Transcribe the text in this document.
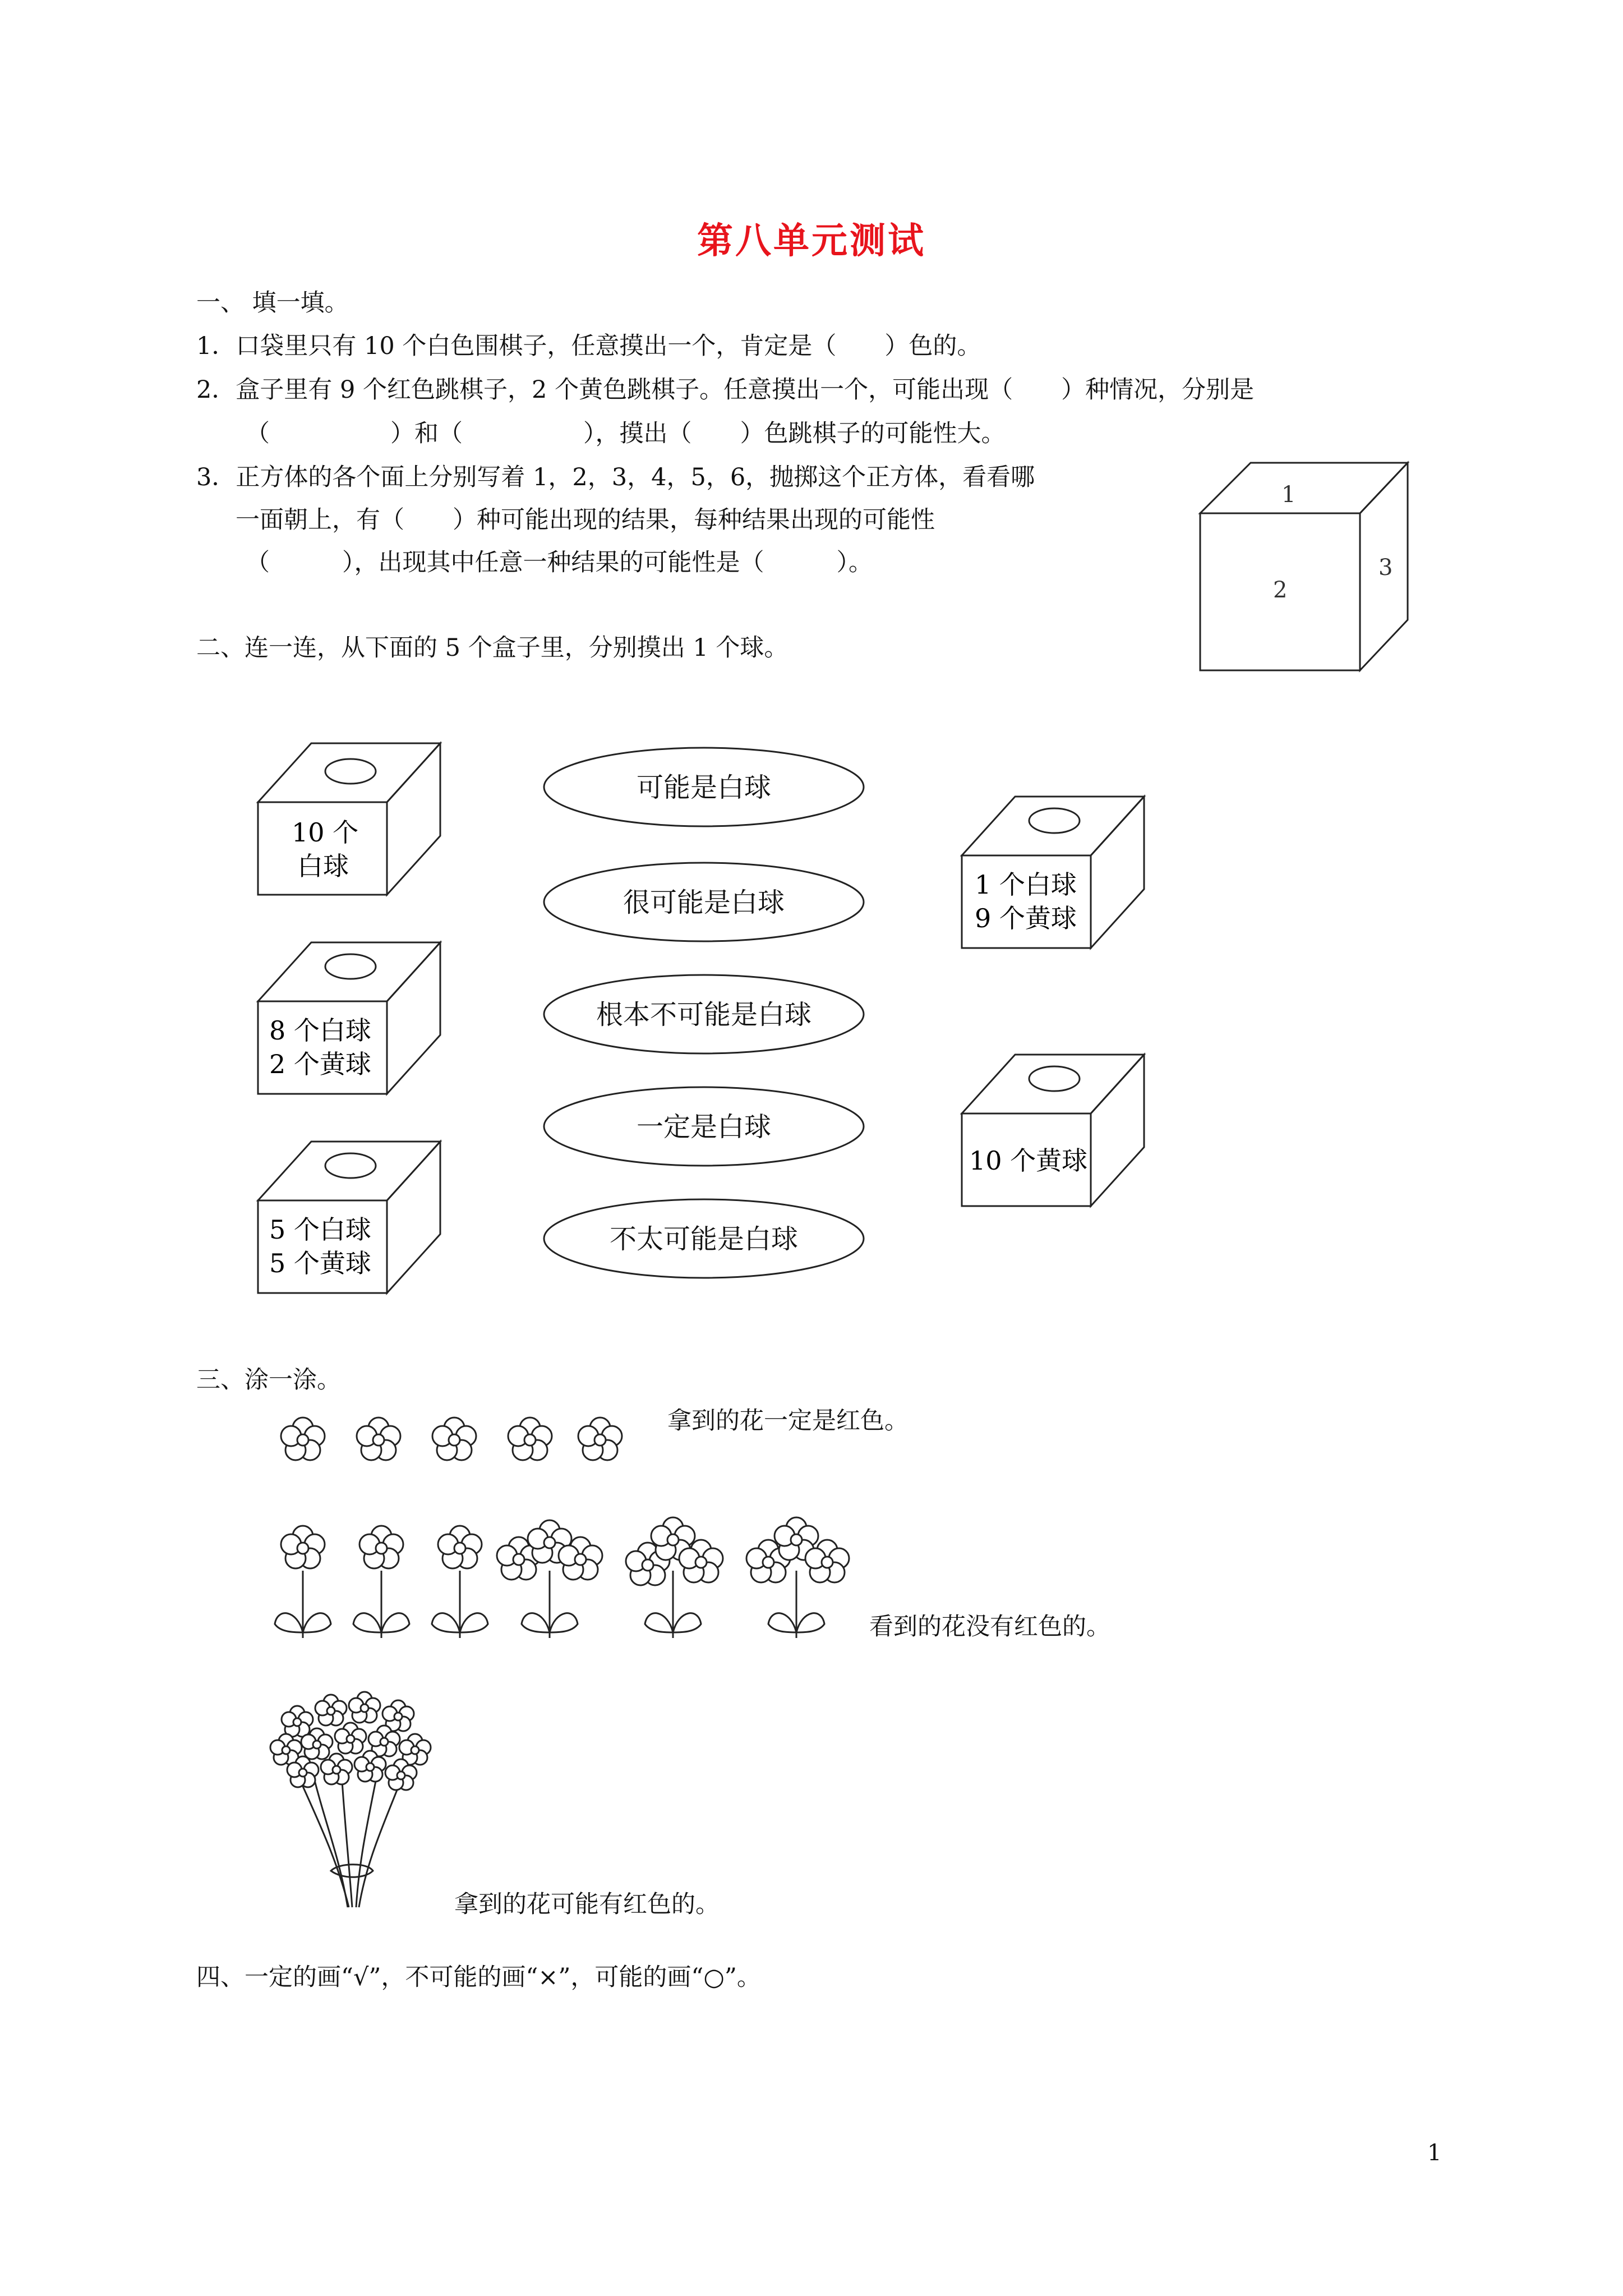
第八单元测试
一、 填一填。
1．口袋里只有 10 个白色围棋子，任意摸出一个，肯定是（　　）色的。
2．盒子里有 9 个红色跳棋子，2 个黄色跳棋子。任意摸出一个，可能出现（　　）种情况，分别是
（　　　　　）和（　　　　　），摸出（　　）色跳棋子的可能性大。
3．正方体的各个面上分别写着 1，2，3，4，5，6，抛掷这个正方体，看看哪
一面朝上，有（　　）种可能出现的结果，每种结果出现的可能性
（　　　），出现其中任意一种结果的可能性是（　　　）。
1
2
3
二、连一连，从下面的 5 个盒子里，分别摸出 1 个球。
10 个
白球
8 个白球
2 个黄球
5 个白球
5 个黄球
可能是白球
很可能是白球
根本不可能是白球
一定是白球
不太可能是白球
1 个白球
9 个黄球
10 个黄球
三、涂一涂。
拿到的花一定是红色。
看到的花没有红色的。
拿到的花可能有红色的。
四、一定的画“√”，不可能的画“×”，可能的画“○”。
1
